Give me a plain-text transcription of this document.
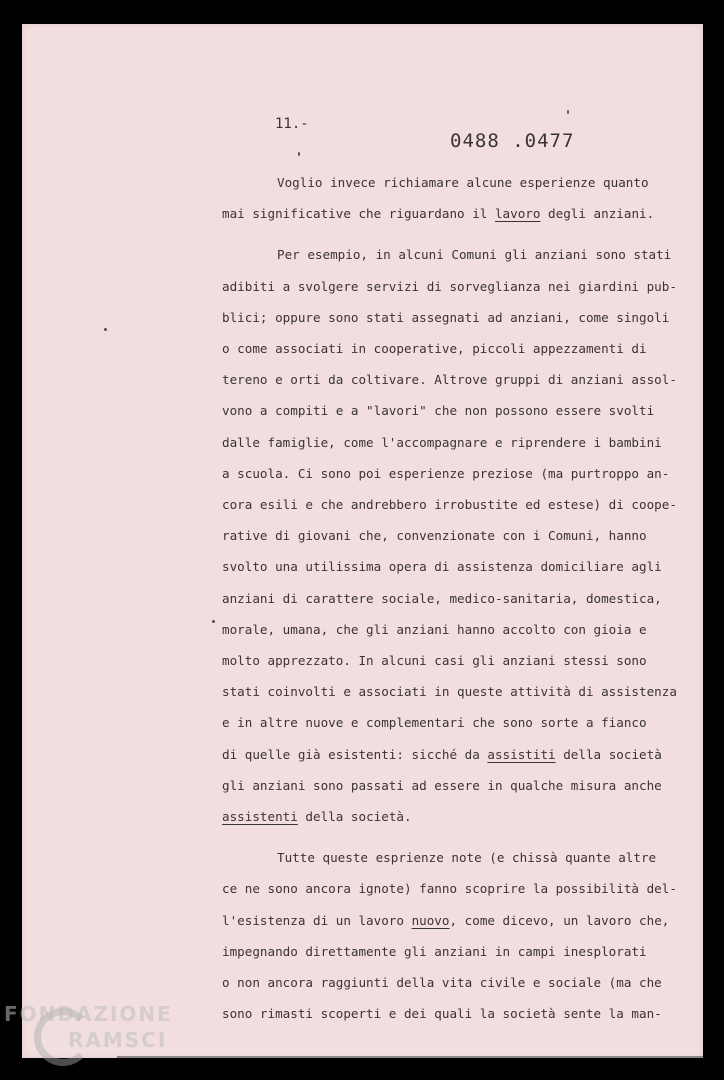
11.-
0488 .0477
Voglio invece richiamare alcune esperienze quanto
mai significative che riguardano il lavoro degli anziani.
Per esempio, in alcuni Comuni gli anziani sono stati
adibiti a svolgere servizi di sorveglianza nei giardini pub-
blici; oppure sono stati assegnati ad anziani, come singoli
o come associati in cooperative, piccoli appezzamenti di
tereno e orti da coltivare. Altrove gruppi di anziani assol-
vono a compiti e a "lavori" che non possono essere svolti
dalle famiglie, come l'accompagnare e riprendere i bambini
a scuola. Ci sono poi esperienze preziose (ma purtroppo an-
cora esili e che andrebbero irrobustite ed estese) di coope-
rative di giovani che, convenzionate con i Comuni, hanno
svolto una utilissima opera di assistenza domiciliare agli
anziani di carattere sociale, medico-sanitaria, domestica,
morale, umana, che gli anziani hanno accolto con gioia e
molto apprezzato. In alcuni casi gli anziani stessi sono
stati coinvolti e associati in queste attività di assistenza
e in altre nuove e complementari che sono sorte a fianco
di quelle già esistenti: sicché da assistiti della società
gli anziani sono passati ad essere in qualche misura anche
assistenti della società.
Tutte queste esprienze note (e chissà quante altre
ce ne sono ancora ignote) fanno scoprire la possibilità del-
l'esistenza di un lavoro nuovo, come dicevo, un lavoro che,
impegnando direttamente gli anziani in campi inesplorati
o non ancora raggiunti della vita civile e sociale (ma che
sono rimasti scoperti e dei quali la società sente la man-
FONDAZIONE
RAMSCI
